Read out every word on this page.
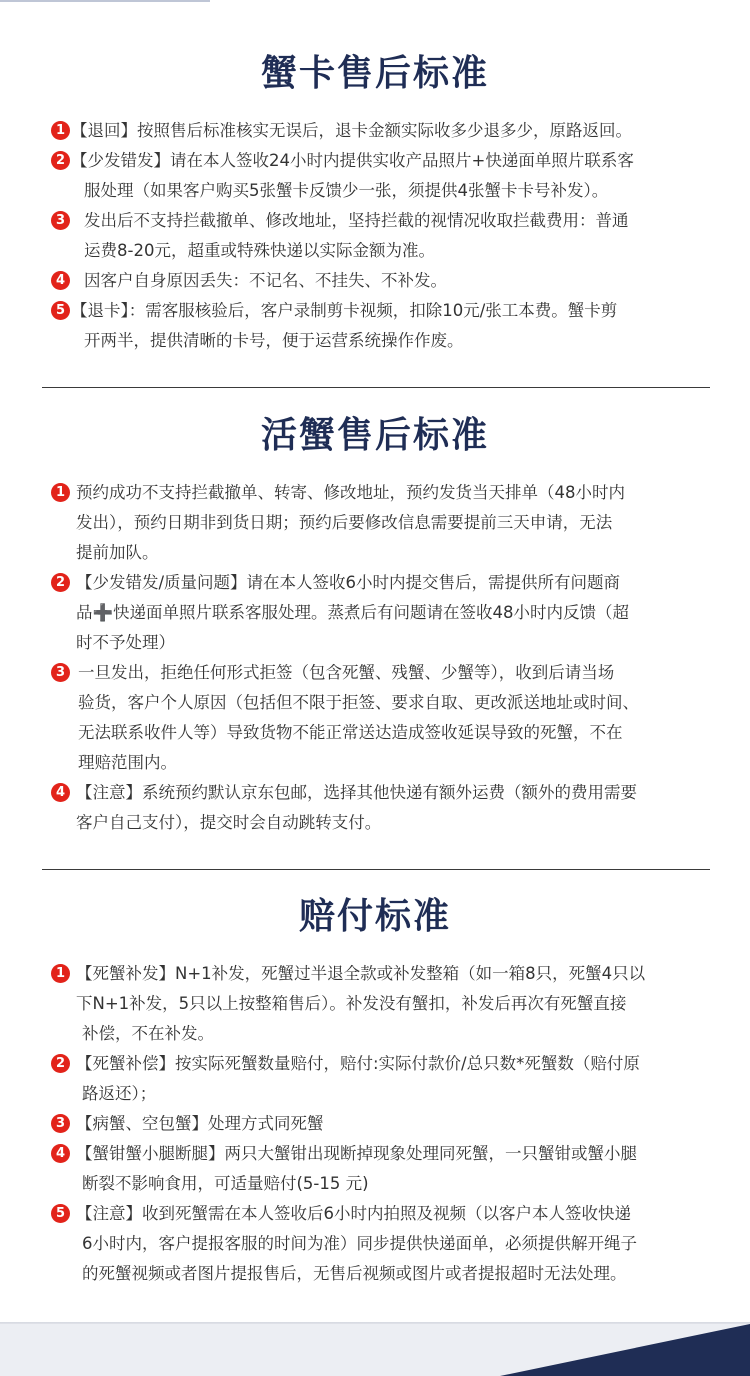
蟹卡售后标准
1 【退回】按照售后标准核实无误后，退卡金额实际收多少退多少，原路返回。
2 【少发错发】请在本人签收24小时内提供实收产品照片+快递面单照片联系客
服处理（如果客户购买5张蟹卡反馈少一张，须提供4张蟹卡卡号补发）。
3	发出后不支持拦截撤单、修改地址，坚持拦截的视情况收取拦截费用：普通
运费8-20元，超重或特殊快递以实际金额为准。
4	因客户自身原因丢失：不记名、不挂失、不补发。
5 【退卡】：需客服核验后，客户录制剪卡视频，扣除10元/张工本费。蟹卡剪
开两半，提供清晰的卡号，便于运营系统操作作废。
活蟹售后标准
1 预约成功不支持拦截撤单、转寄、修改地址，预约发货当天排单（48小时内
发出），预约日期非到货日期；预约后要修改信息需要提前三天申请，无法
提前加队。
2 【少发错发/质量问题】请在本人签收6小时内提交售后，需提供所有问题商
品➕快递面单照片联系客服处理。蒸煮后有问题请在签收48小时内反馈（超
时不予处理）
3 一旦发出，拒绝任何形式拒签（包含死蟹、残蟹、少蟹等），收到后请当场
验货，客户个人原因（包括但不限于拒签、要求自取、更改派送地址或时间、
无法联系收件人等）导致货物不能正常送达造成签收延误导致的死蟹，不在
理赔范围内。
4 【注意】系统预约默认京东包邮，选择其他快递有额外运费（额外的费用需要
客户自己支付），提交时会自动跳转支付。
赔付标准
1 【死蟹补发】N+1补发，死蟹过半退全款或补发整箱（如一箱8只，死蟹4只以
下N+1补发，5只以上按整箱售后）。补发没有蟹扣，补发后再次有死蟹直接
补偿，不在补发。
2 【死蟹补偿】按实际死蟹数量赔付，赔付:实际付款价/总只数*死蟹数（赔付原
路返还）；
3 【病蟹、空包蟹】处理方式同死蟹
4 【蟹钳蟹小腿断腿】两只大蟹钳出现断掉现象处理同死蟹，一只蟹钳或蟹小腿
断裂不影响食用，可适量赔付(5-15 元)
5 【注意】收到死蟹需在本人签收后6小时内拍照及视频（以客户本人签收快递
6小时内，客户提报客服的时间为准）同步提供快递面单，必须提供解开绳子
的死蟹视频或者图片提报售后，无售后视频或图片或者提报超时无法处理。
